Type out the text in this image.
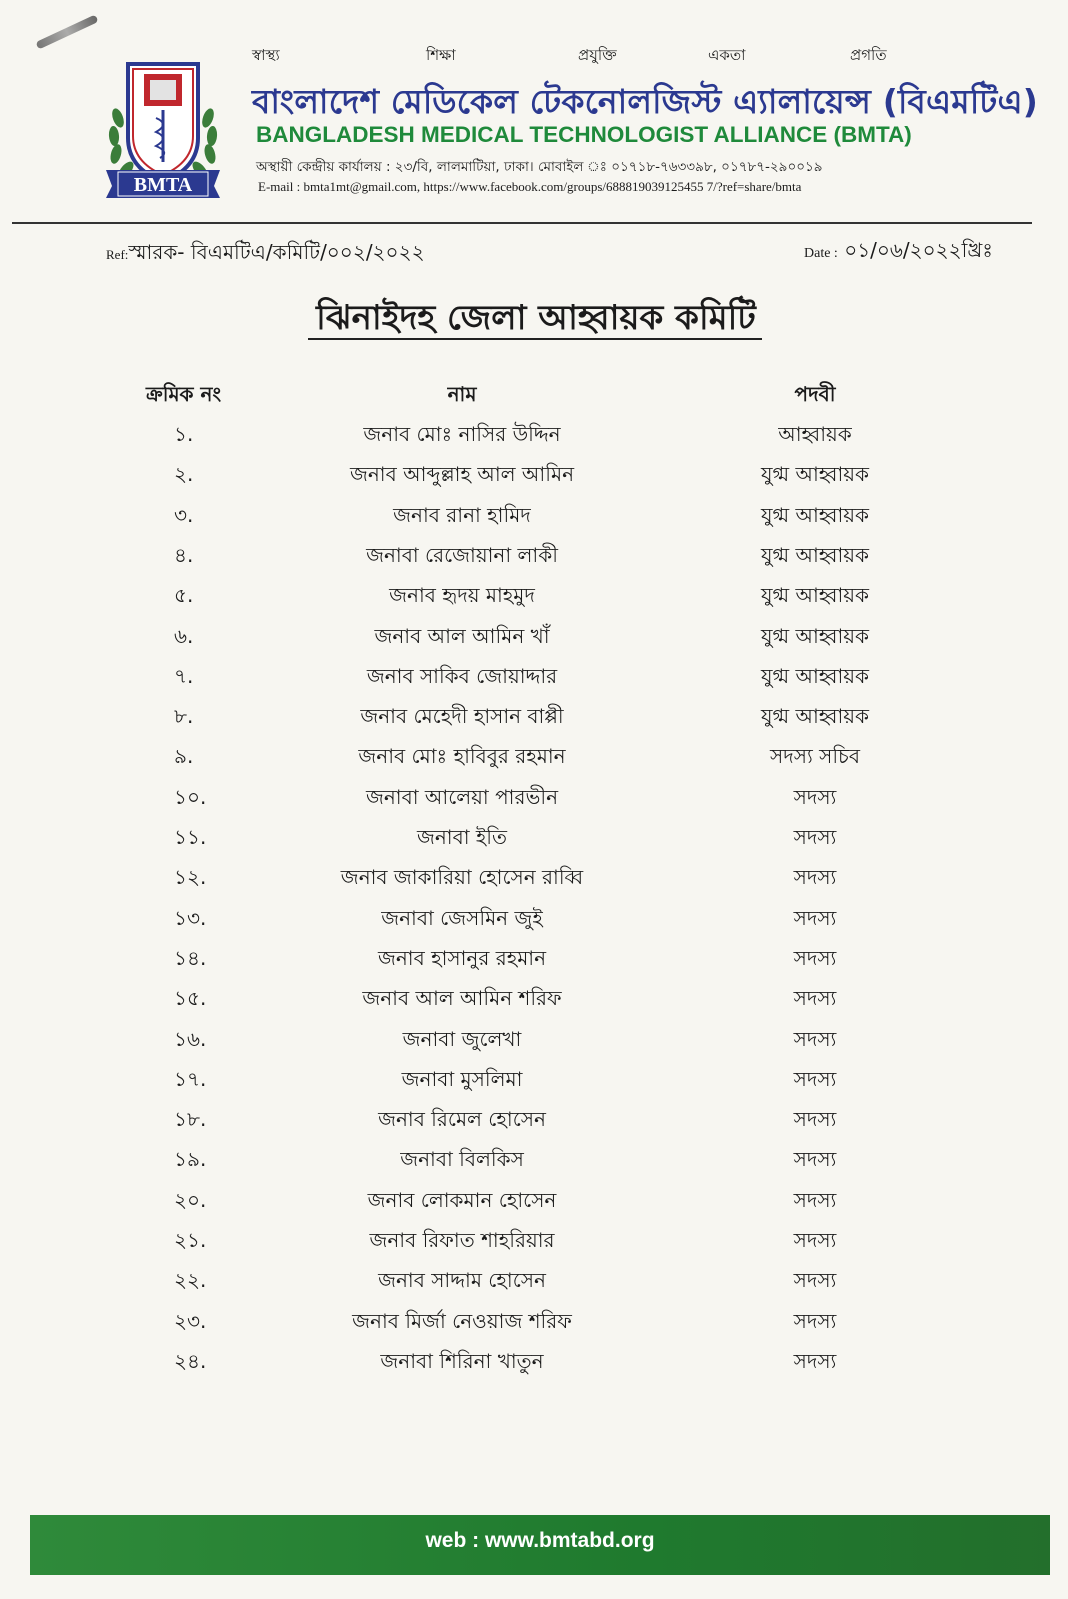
BMTA
স্বাস্থ্য	শিক্ষা	প্রযুক্তি	একতা	প্রগতি
বাংলাদেশ মেডিকেল টেকনোলজিস্ট এ্যালায়েন্স (বিএমটিএ)
BANGLADESH MEDICAL TECHNOLOGIST ALLIANCE (BMTA)
অস্থায়ী কেন্দ্রীয় কার্যালয় : ২৩/বি, লালমাটিয়া, ঢাকা। মোবাইল ঃ ০১৭১৮-৭৬৩৩৯৮, ০১৭৮৭-২৯০০১৯
E-mail : bmta1mt@gmail.com, https://www.facebook.com/groups/688819039125455 7/?ref=share/bmta
Ref:স্মারক- বিএমটিএ/কমিটি/০০২/২০২২	Date : ০১/০৬/২০২২খ্রিঃ
ঝিনাইদহ জেলা আহ্বায়ক কমিটি
ক্রমিক নং	নাম	পদবী
১.	জনাব মোঃ নাসির উদ্দিন	আহ্বায়ক
২.	জনাব আব্দুল্লাহ আল আমিন	যুগ্ম আহ্বায়ক
৩.	জনাব রানা হামিদ	যুগ্ম আহ্বায়ক
৪.	জনাবা রেজোয়ানা লাকী	যুগ্ম আহ্বায়ক
৫.	জনাব হৃদয় মাহমুদ	যুগ্ম আহ্বায়ক
৬.	জনাব আল আমিন খাঁ	যুগ্ম আহ্বায়ক
৭.	জনাব সাকিব জোয়াদ্দার	যুগ্ম আহ্বায়ক
৮.	জনাব মেহেদী হাসান বাপ্পী	যুগ্ম আহ্বায়ক
৯.	জনাব মোঃ হাবিবুর রহমান	সদস্য সচিব
১০.	জনাবা আলেয়া পারভীন	সদস্য
১১.	জনাবা ইতি	সদস্য
১২.	জনাব জাকারিয়া হোসেন রাব্বি	সদস্য
১৩.	জনাবা জেসমিন জুই	সদস্য
১৪.	জনাব হাসানুর রহমান	সদস্য
১৫.	জনাব আল আমিন শরিফ	সদস্য
১৬.	জনাবা জুলেখা	সদস্য
১৭.	জনাবা মুসলিমা	সদস্য
১৮.	জনাব রিমেল হোসেন	সদস্য
১৯.	জনাবা বিলকিস	সদস্য
২০.	জনাব লোকমান হোসেন	সদস্য
২১.	জনাব রিফাত শাহরিয়ার	সদস্য
২২.	জনাব সাদ্দাম হোসেন	সদস্য
২৩.	জনাব মির্জা নেওয়াজ শরিফ	সদস্য
২৪.	জনাবা শিরিনা খাতুন	সদস্য
web : www.bmtabd.org
